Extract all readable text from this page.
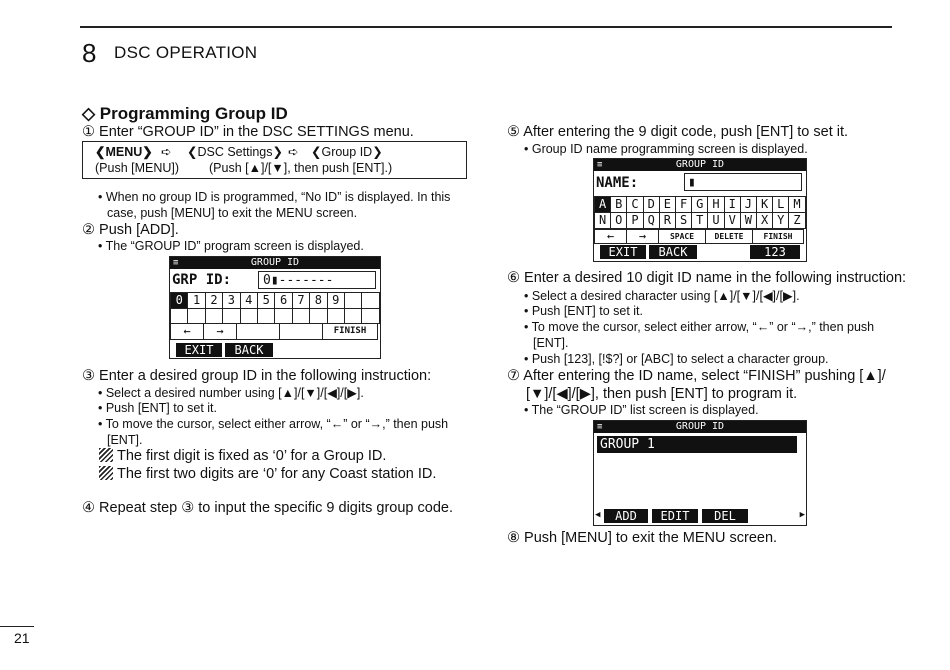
8 DSC OPERATION
◇ Programming Group ID
① Enter “GROUP ID” in the DSC SETTINGS menu.
❮MENU❯ ➪ ❮DSC Settings❯ ➪ ❮Group ID❯
(Push [MENU]) (Push [▲]/[▼], then push [ENT].)
• When no group ID is programmed, “No ID” is displayed. In this
case, push [MENU] to exit the MENU screen.
② Push [ADD].
• The “GROUP ID” program screen is displayed.
≡	GROUP ID
GRP ID:	0▮-------
←	→	FINISH
EXIT	BACK
0 1 2 3 4 5 6 7 8 9
③ Enter a desired group ID in the following instruction:
• Select a desired number using [▲]/[▼]/[◀]/[▶].
• Push [ENT] to set it.
• To move the cursor, select either arrow, “←” or “→,” then push
[ENT].
The first digit is fixed as ‘0’ for a Group ID.
The first two digits are ‘0’ for any Coast station ID.
④ Repeat step ③ to input the specific 9 digits group code.
⑤ After entering the 9 digit code, push [ENT] to set it.
• Group ID name programming screen is displayed.
≡	GROUP ID
NAME:	▮
←	→	SPACE	DELETE	FINISH
EXIT	BACK	123
A B C D E F G H I J K L M
N O P Q R S T U V W X Y Z
⑥ Enter a desired 10 digit ID name in the following instruction:
• Select a desired character using [▲]/[▼]/[◀]/[▶].
• Push [ENT] to set it.
• To move the cursor, select either arrow, “←” or “→,” then push
[ENT].
• Push [123], [!$?] or [ABC] to select a character group.
⑦ After entering the ID name, select “FINISH” pushing [▲]/
[▼]/[◀]/[▶], then push [ENT] to program it.
• The “GROUP ID” list screen is displayed.
≡	GROUP ID
GROUP 1
◀	ADD	EDIT	DEL	▶
⑧ Push [MENU] to exit the MENU screen.
21
